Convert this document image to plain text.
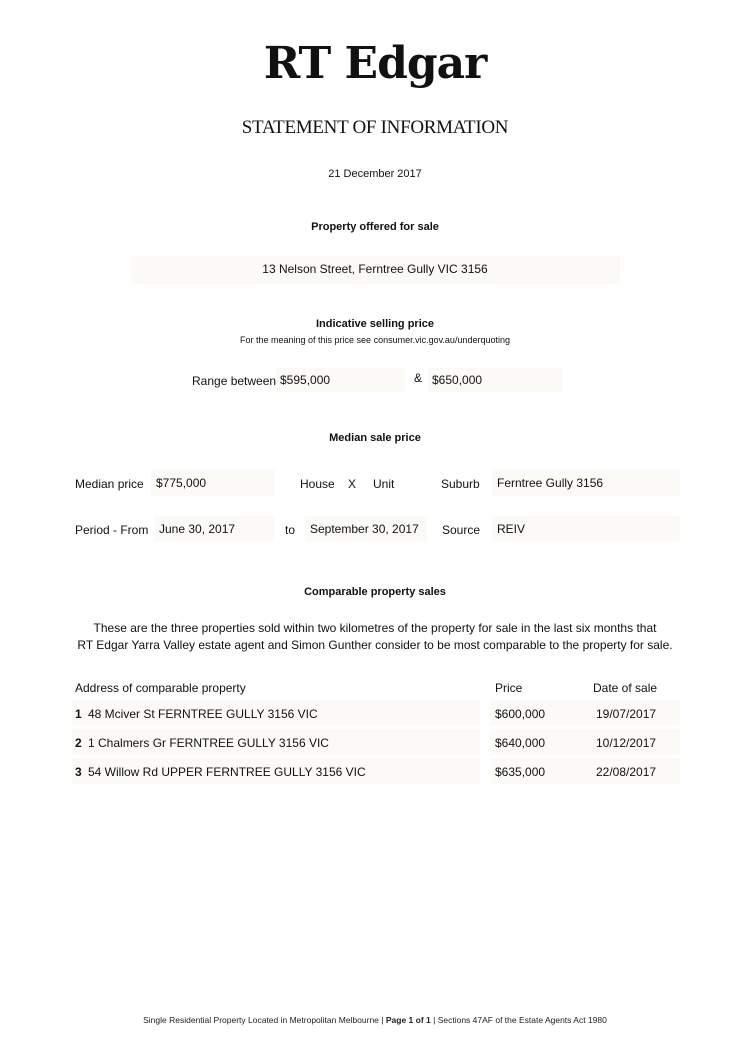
RT Edgar
STATEMENT OF INFORMATION
21 December 2017
Property offered for sale
13 Nelson Street, Ferntree Gully VIC 3156
Indicative selling price
For the meaning of this price see consumer.vic.gov.au/underquoting
Range between $595,000	& $650,000
Median sale price
Median price $775,000	House X Unit	Suburb Ferntree Gully 3156
Period - From June 30, 2017	to September 30, 2017 Source REIV
Comparable property sales
These are the three properties sold within two kilometres of the property for sale in the last six months that
RT Edgar Yarra Valley estate agent and Simon Gunther consider to be most comparable to the property for sale.
Address of comparable property	Price	Date of sale
1 48 Mciver St FERNTREE GULLY 3156 VIC	$600,000	19/07/2017
2 1 Chalmers Gr FERNTREE GULLY 3156 VIC	$640,000	10/12/2017
3 54 Willow Rd UPPER FERNTREE GULLY 3156 VIC	$635,000	22/08/2017
Single Residential Property Located in Metropolitan Melbourne | Page 1 of 1 | Sections 47AF of the Estate Agents Act 1980
